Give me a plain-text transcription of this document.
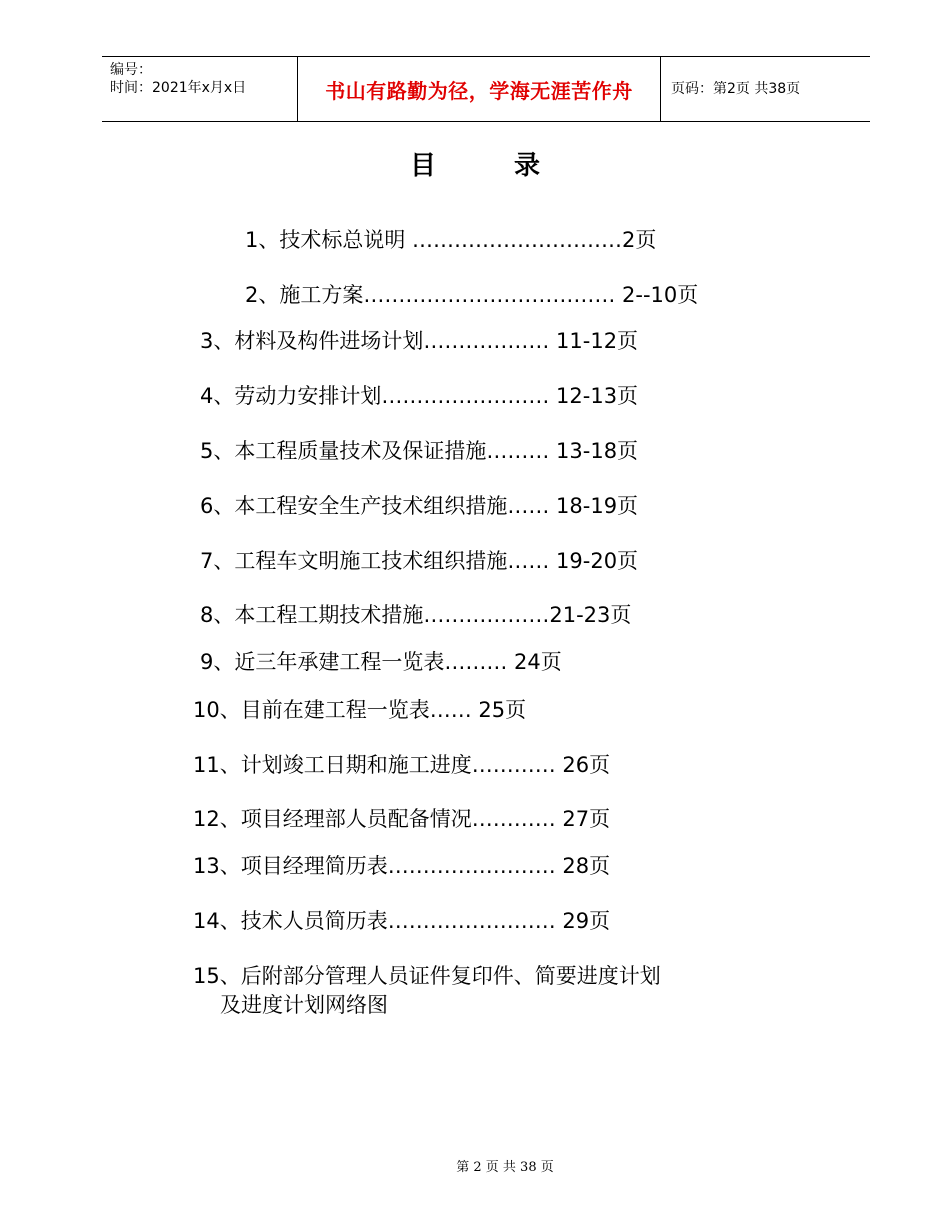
编号：
时间：2021年x月x日	书山有路勤为径，学海无涯苦作舟	页码：第2页 共38页
目	录
1、技术标总说明 …………………………2页
2、施工方案……………………………… 2--10页
3、材料及构件进场计划……………… 11-12页
4、劳动力安排计划…………………… 12-13页
5、本工程质量技术及保证措施……… 13-18页
6、本工程安全生产技术组织措施…… 18-19页
7、工程车文明施工技术组织措施…… 19-20页
8、本工程工期技术措施………………21-23页
9、近三年承建工程一览表……… 24页
10、目前在建工程一览表…… 25页
11、计划竣工日期和施工进度………… 26页
12、项目经理部人员配备情况………… 27页
13、项目经理简历表…………………… 28页
14、技术人员简历表…………………… 29页
15、后附部分管理人员证件复印件、简要进度计划
及进度计划网络图
第 2 页 共 38 页
